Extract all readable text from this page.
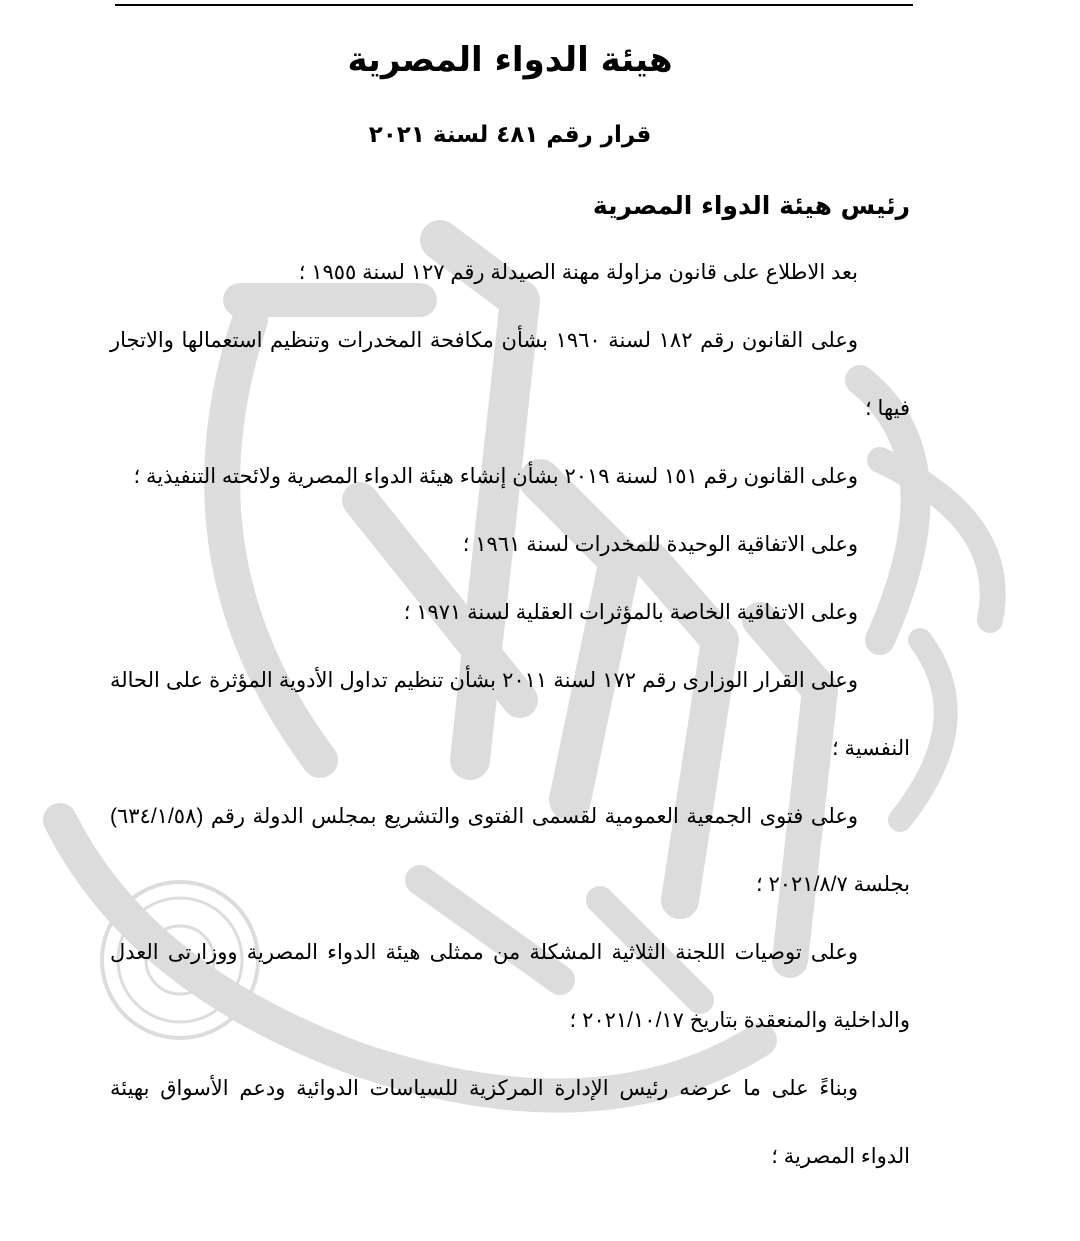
هيئة الدواء المصرية
قرار رقم ٤٨١ لسنة ٢٠٢١
رئيس هيئة الدواء المصرية

بعد الاطلاع على قانون مزاولة مهنة الصيدلة رقم ١٢٧ لسنة ١٩٥٥ ؛

وعلى القانون رقم ١٨٢ لسنة ١٩٦٠ بشأن مكافحة المخدرات وتنظيم استعمالها والاتجار فيها ؛

وعلى القانون رقم ١٥١ لسنة ٢٠١٩ بشأن إنشاء هيئة الدواء المصرية ولائحته التنفيذية ؛

وعلى الاتفاقية الوحيدة للمخدرات لسنة ١٩٦١ ؛

وعلى الاتفاقية الخاصة بالمؤثرات العقلية لسنة ١٩٧١ ؛

وعلى القرار الوزارى رقم ١٧٢ لسنة ٢٠١١ بشأن تنظيم تداول الأدوية المؤثرة على الحالة النفسية ؛

وعلى فتوى الجمعية العمومية لقسمى الفتوى والتشريع بمجلس الدولة رقم (٦٣٤/١/٥٨) بجلسة ٢٠٢١/٨/٧ ؛

وعلى توصيات اللجنة الثلاثية المشكلة من ممثلى هيئة الدواء المصرية ووزارتى العدل والداخلية والمنعقدة بتاريخ ٢٠٢١/١٠/١٧ ؛

وبناءً على ما عرضه رئيس الإدارة المركزية للسياسات الدوائية ودعم الأسواق بهيئة الدواء المصرية ؛
